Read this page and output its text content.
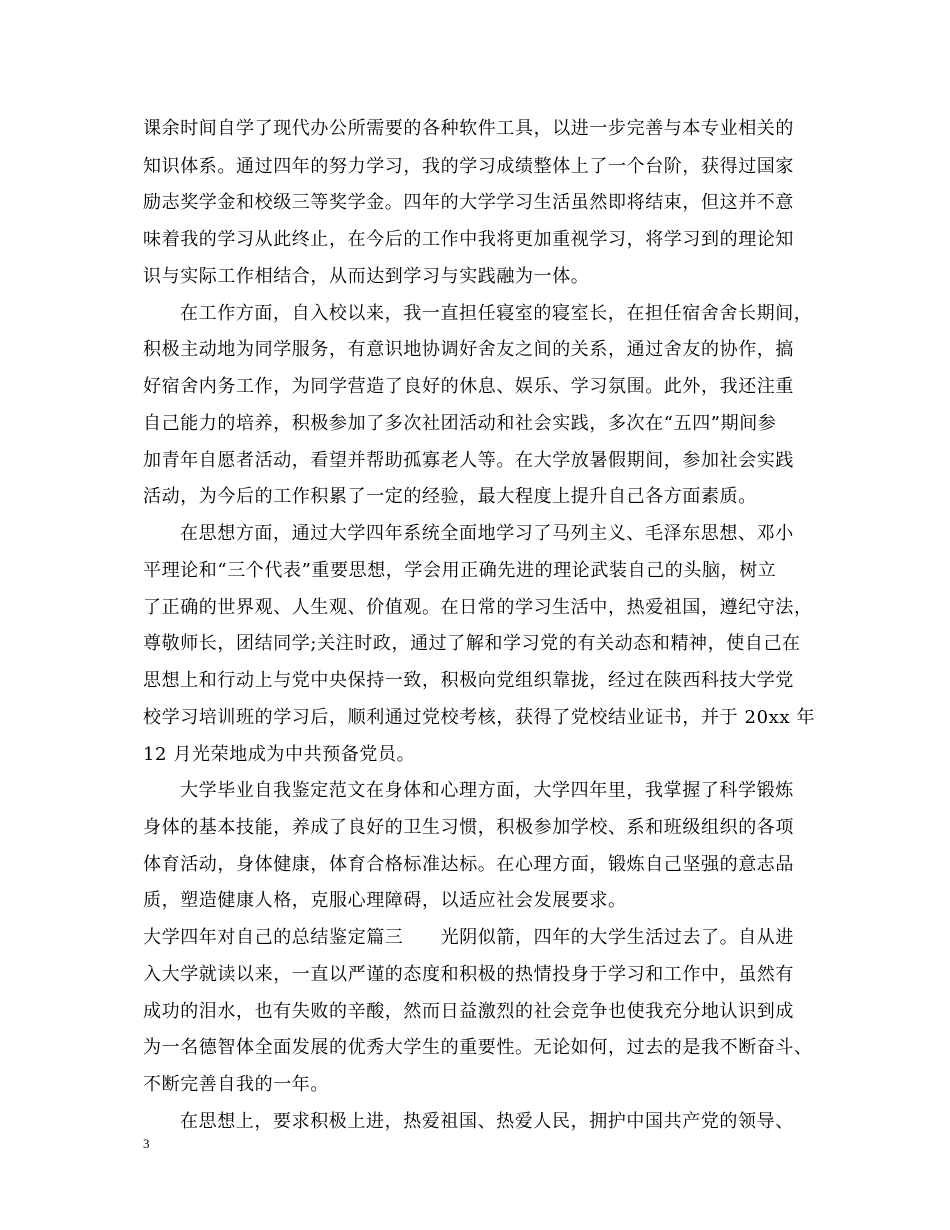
课余时间自学了现代办公所需要的各种软件工具，以进一步完善与本专业相关的
知识体系。通过四年的努力学习，我的学习成绩整体上了一个台阶，获得过国家
励志奖学金和校级三等奖学金。四年的大学学习生活虽然即将结束，但这并不意
味着我的学习从此终止，在今后的工作中我将更加重视学习，将学习到的理论知
识与实际工作相结合，从而达到学习与实践融为一体。
在工作方面，自入校以来，我一直担任寝室的寝室长，在担任宿舍舍长期间，
积极主动地为同学服务，有意识地协调好舍友之间的关系，通过舍友的协作，搞
好宿舍内务工作，为同学营造了良好的休息、娱乐、学习氛围。此外，我还注重
自己能力的培养，积极参加了多次社团活动和社会实践，多次在“五四”期间参
加青年自愿者活动，看望并帮助孤寡老人等。在大学放暑假期间，参加社会实践
活动，为今后的工作积累了一定的经验，最大程度上提升自己各方面素质。
在思想方面，通过大学四年系统全面地学习了马列主义、毛泽东思想、邓小
平理论和“三个代表”重要思想，学会用正确先进的理论武装自己的头脑，树立
了正确的世界观、人生观、价值观。在日常的学习生活中，热爱祖国，遵纪守法，
尊敬师长，团结同学;关注时政，通过了解和学习党的有关动态和精神，使自己在
思想上和行动上与党中央保持一致，积极向党组织靠拢，经过在陕西科技大学党
校学习培训班的学习后，顺利通过党校考核，获得了党校结业证书，并于 20xx 年
12 月光荣地成为中共预备党员。
大学毕业自我鉴定范文在身体和心理方面，大学四年里，我掌握了科学锻炼
身体的基本技能，养成了良好的卫生习惯，积极参加学校、系和班级组织的各项
体育活动，身体健康，体育合格标准达标。在心理方面，锻炼自己坚强的意志品
质，塑造健康人格，克服心理障碍，以适应社会发展要求。
大学四年对自己的总结鉴定篇三　　光阴似箭，四年的大学生活过去了。自从进
入大学就读以来，一直以严谨的态度和积极的热情投身于学习和工作中，虽然有
成功的泪水，也有失败的辛酸，然而日益激烈的社会竞争也使我充分地认识到成
为一名德智体全面发展的优秀大学生的重要性。无论如何，过去的是我不断奋斗、
不断完善自我的一年。
在思想上，要求积极上进，热爱祖国、热爱人民，拥护中国共产党的领导、
3
